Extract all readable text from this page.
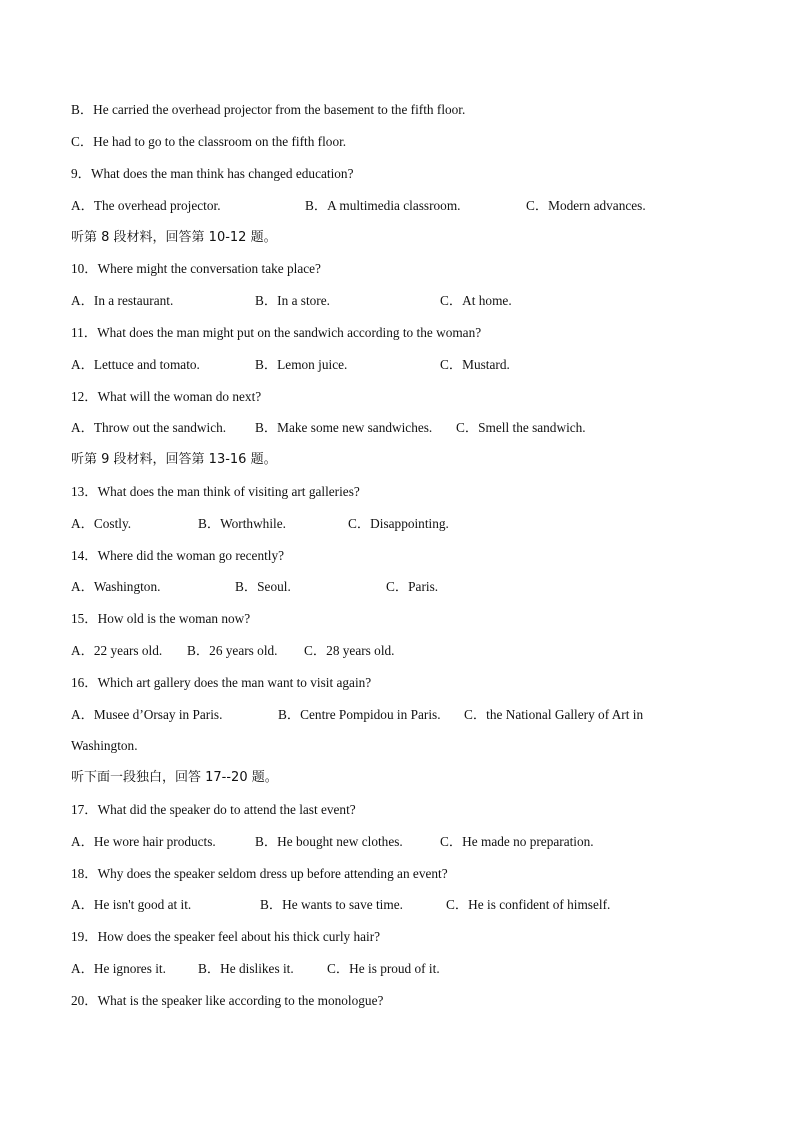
B．He carried the overhead projector from the basement to the fifth floor.
C．He had to go to the classroom on the fifth floor.
9．What does the man think has changed education?
A．The overhead projector.	B．A multimedia classroom.	C．Modern advances.
听第 8 段材料，回答第 10-12 题。
10．Where might the conversation take place?
A．In a restaurant.	B．In a store.	C．At home.
11．What does the man might put on the sandwich according to the woman?
A．Lettuce and tomato.	B．Lemon juice.	C．Mustard.
12．What will the woman do next?
A．Throw out the sandwich. B．Make some new sandwiches. C．Smell the sandwich.
听第 9 段材料，回答第 13-16 题。
13．What does the man think of visiting art galleries?
A．Costly.	B．Worthwhile.	C．Disappointing.
14．Where did the woman go recently?
A．Washington.	B．Seoul.	C．Paris.
15．How old is the woman now?
A．22 years old. B．26 years old. C．28 years old.
16．Which art gallery does the man want to visit again?
A．Musee d’Orsay in Paris.	B．Centre Pompidou in Paris. C．the National Gallery of Art in
Washington.
听下面一段独白，回答 17--20 题。
17．What did the speaker do to attend the last event?
A．He wore hair products.	B．He bought new clothes.	C．He made no preparation.
18．Why does the speaker seldom dress up before attending an event?
A．He isn't good at it.	B．He wants to save time.	C．He is confident of himself.
19．How does the speaker feel about his thick curly hair?
A．He ignores it. B．He dislikes it.	C．He is proud of it.
20．What is the speaker like according to the monologue?
